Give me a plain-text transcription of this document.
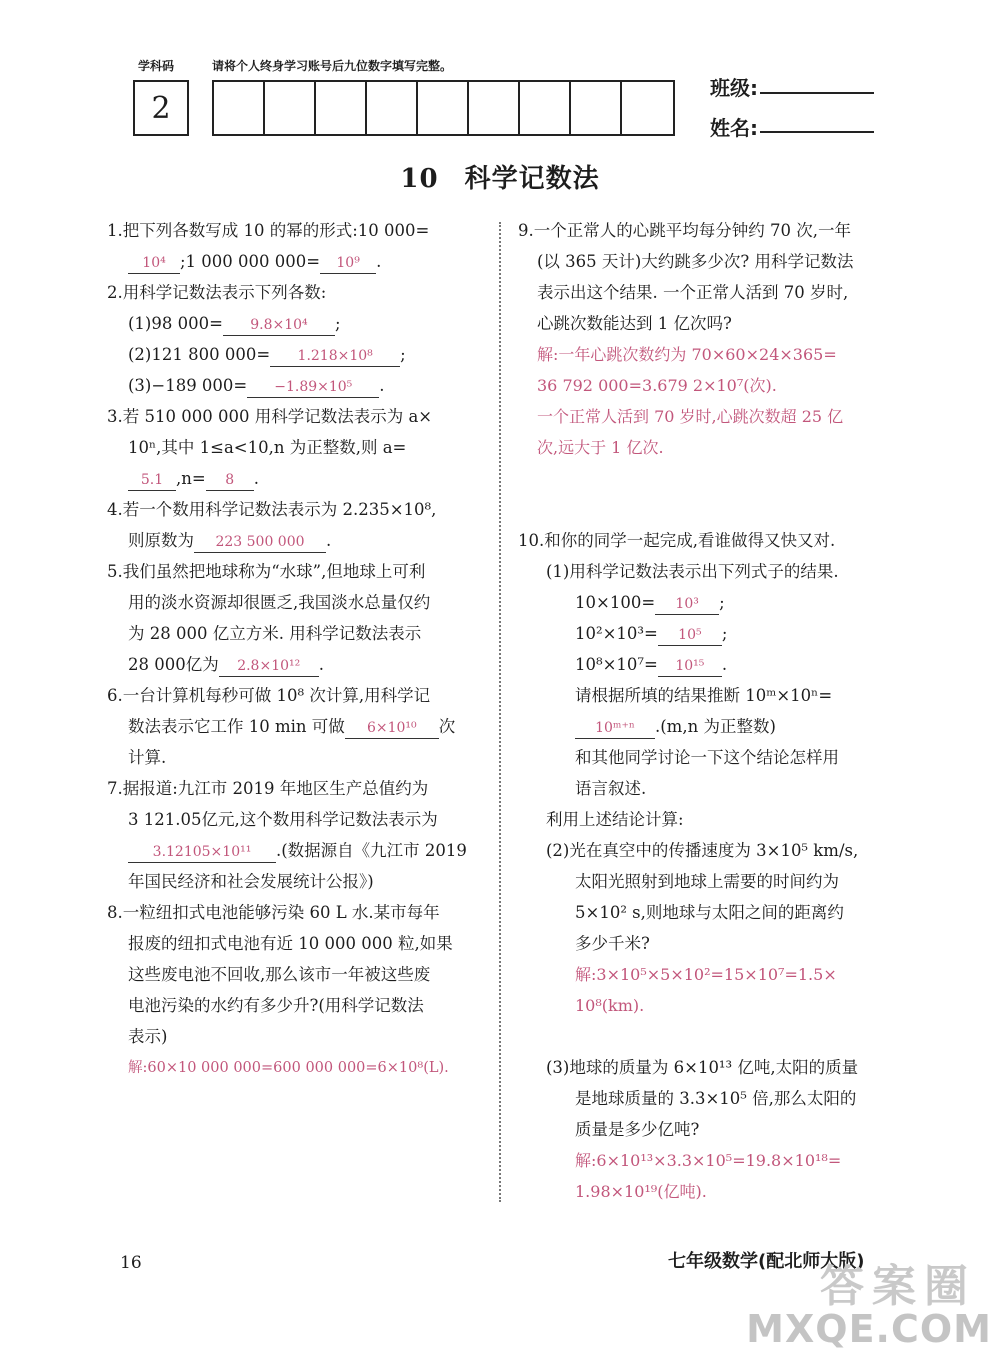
学科码	请将个人终身学习账号后九位数字填写完整。
2
班级:
姓名:
10 科学记数法
1.把下列各数写成 10 的幂的形式:10 000=
10⁴ ;1 000 000 000= 10⁹ .
2.用科学记数法表示下列各数:
(1)98 000= 9.8×10⁴ ;
(2)121 800 000= 1.218×10⁸ ;
(3)−189 000= −1.89×10⁵ .
3.若 510 000 000 用科学记数法表示为 a×
10ⁿ,其中 1≤a<10,n 为正整数,则 a=
5.1 ,n= 8 .
4.若一个数用科学记数法表示为 2.235×10⁸,
则原数为 223 500 000 .
5.我们虽然把地球称为“水球”,但地球上可利
用的淡水资源却很匮乏,我国淡水总量仅约
为 28 000 亿立方米. 用科学记数法表示
28 000亿为 2.8×10¹² .
6.一台计算机每秒可做 10⁸ 次计算,用科学记
数法表示它工作 10 min 可做 6×10¹⁰ 次
计算.
7.据报道:九江市 2019 年地区生产总值约为
3 121.05亿元,这个数用科学记数法表示为
3.12105×10¹¹ .(数据源自《九江市 2019
年国民经济和社会发展统计公报》)
8.一粒纽扣式电池能够污染 60 L 水.某市每年
报废的纽扣式电池有近 10 000 000 粒,如果
这些废电池不回收,那么该市一年被这些废
电池污染的水约有多少升?(用科学记数法
表示)
解:60×10 000 000=600 000 000=6×10⁸(L).
9.一个正常人的心跳平均每分钟约 70 次,一年
(以 365 天计)大约跳多少次? 用科学记数法
表示出这个结果. 一个正常人活到 70 岁时,
心跳次数能达到 1 亿次吗?
解:一年心跳次数约为 70×60×24×365=
36 792 000=3.679 2×10⁷(次).
一个正常人活到 70 岁时,心跳次数超 25 亿
次,远大于 1 亿次.
10.和你的同学一起完成,看谁做得又快又对.
(1)用科学记数法表示出下列式子的结果.
10×100= 10³ ;
10²×10³= 10⁵ ;
10⁸×10⁷= 10¹⁵ .
请根据所填的结果推断 10ᵐ×10ⁿ=
10ᵐ⁺ⁿ .(m,n 为正整数)
和其他同学讨论一下这个结论怎样用
语言叙述.
利用上述结论计算:
(2)光在真空中的传播速度为 3×10⁵ km/s,
太阳光照射到地球上需要的时间约为
5×10² s,则地球与太阳之间的距离约
多少千米?
解:3×10⁵×5×10²=15×10⁷=1.5×
10⁸(km).
(3)地球的质量为 6×10¹³ 亿吨,太阳的质量
是地球质量的 3.3×10⁵ 倍,那么太阳的
质量是多少亿吨?
解:6×10¹³×3.3×10⁵=19.8×10¹⁸=
1.98×10¹⁹(亿吨).
16	七年级数学(配北师大版)
答案圈
MXQE.COM
